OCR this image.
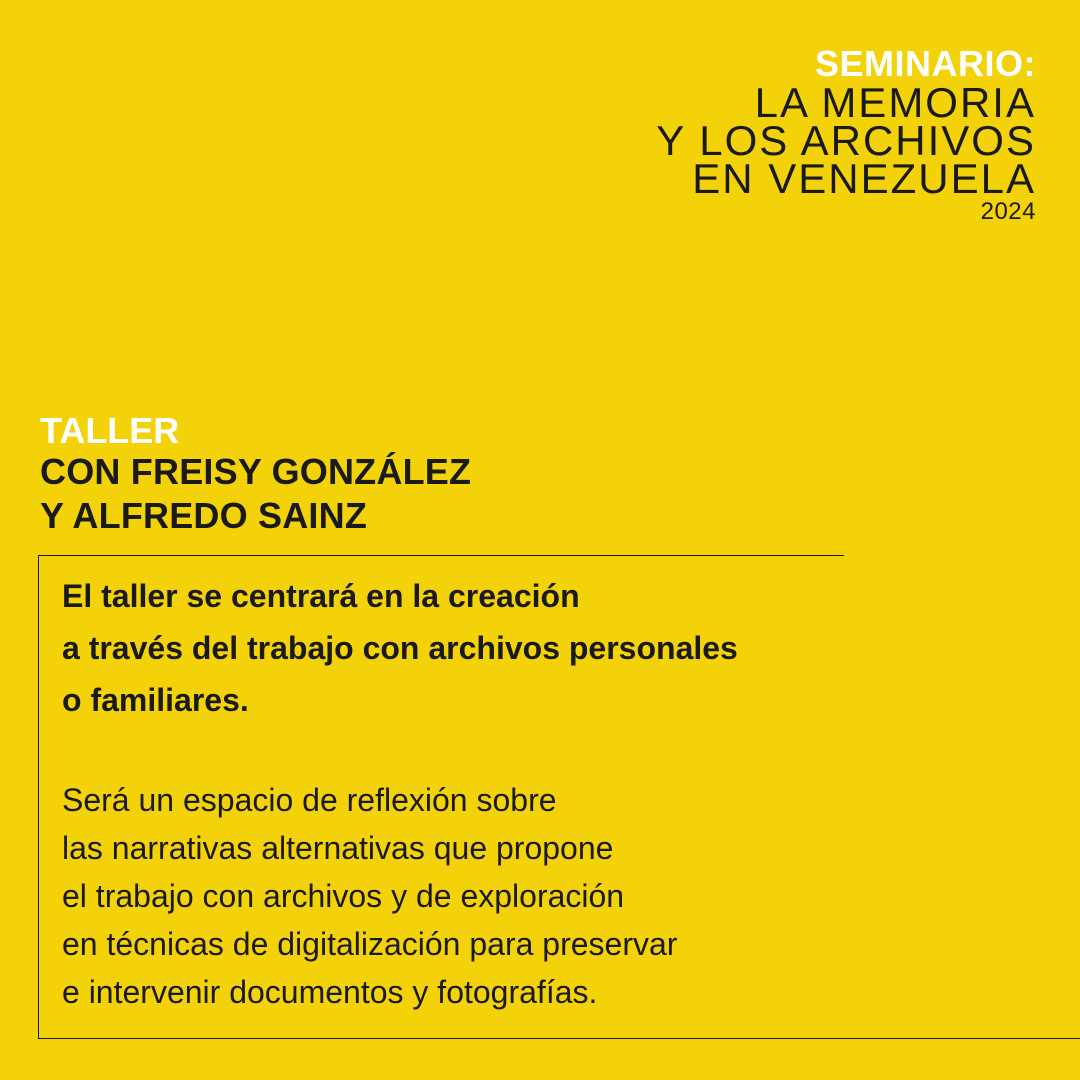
SEMINARIO:
LA MEMORIA
Y LOS ARCHIVOS
EN VENEZUELA
2024
TALLER
CON FREISY GONZÁLEZ
Y ALFREDO SAINZ
El taller se centrará en la creación
a través del trabajo con archivos personales
o familiares.
Será un espacio de reflexión sobre
las narrativas alternativas que propone
el trabajo con archivos y de exploración
en técnicas de digitalización para preservar
e intervenir documentos y fotografías.
